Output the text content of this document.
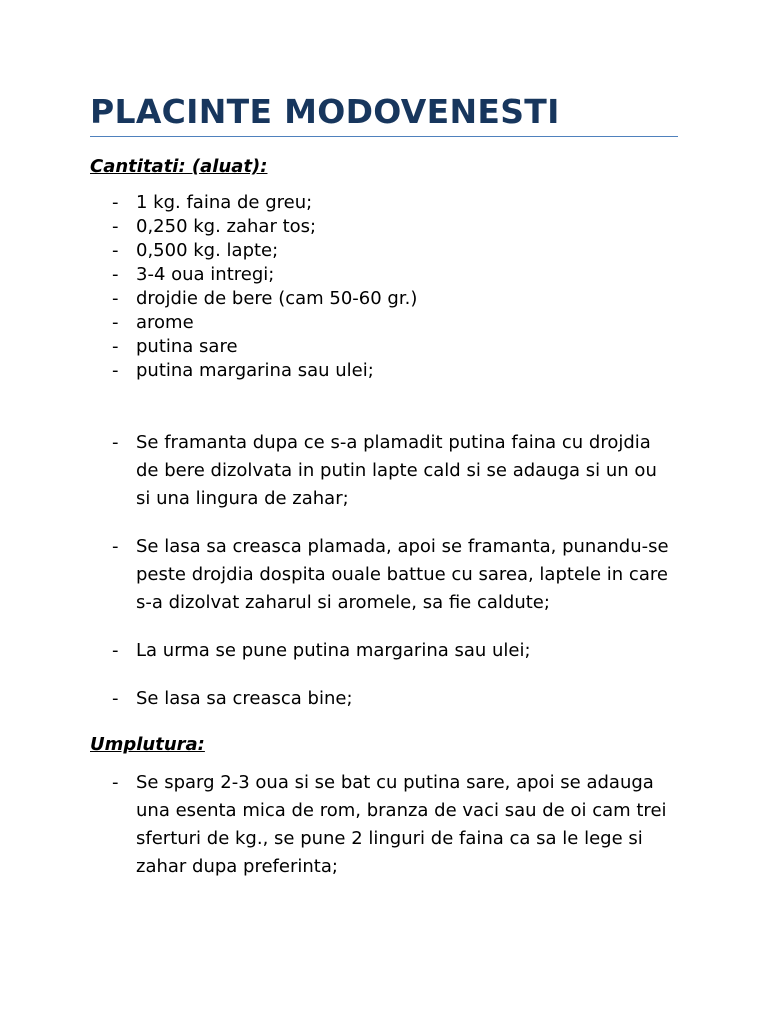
PLACINTE MODOVENESTI

Cantitati: (aluat):

- 1 kg. faina de greu;
- 0,250 kg. zahar tos;
- 0,500 kg. lapte;
- 3-4 oua intregi;
- drojdie de bere (cam 50-60 gr.)
- arome
- putina sare
- putina margarina sau ulei;
- Se framanta dupa ce s-a plamadit putina faina cu drojdia de bere dizolvata in putin lapte cald si se adauga si un ou si una lingura de zahar;
- Se lasa sa creasca plamada, apoi se framanta, punandu-se peste drojdia dospita ouale battue cu sarea, laptele in care s-a dizolvat zaharul si aromele, sa fie caldute;
- La urma se pune putina margarina sau ulei;
- Se lasa sa creasca bine;

Umplutura:

- Se sparg 2-3 oua si se bat cu putina sare, apoi se adauga una esenta mica de rom, branza de vaci sau de oi cam trei sferturi de kg., se pune 2 linguri de faina ca sa le lege si zahar dupa preferinta;
